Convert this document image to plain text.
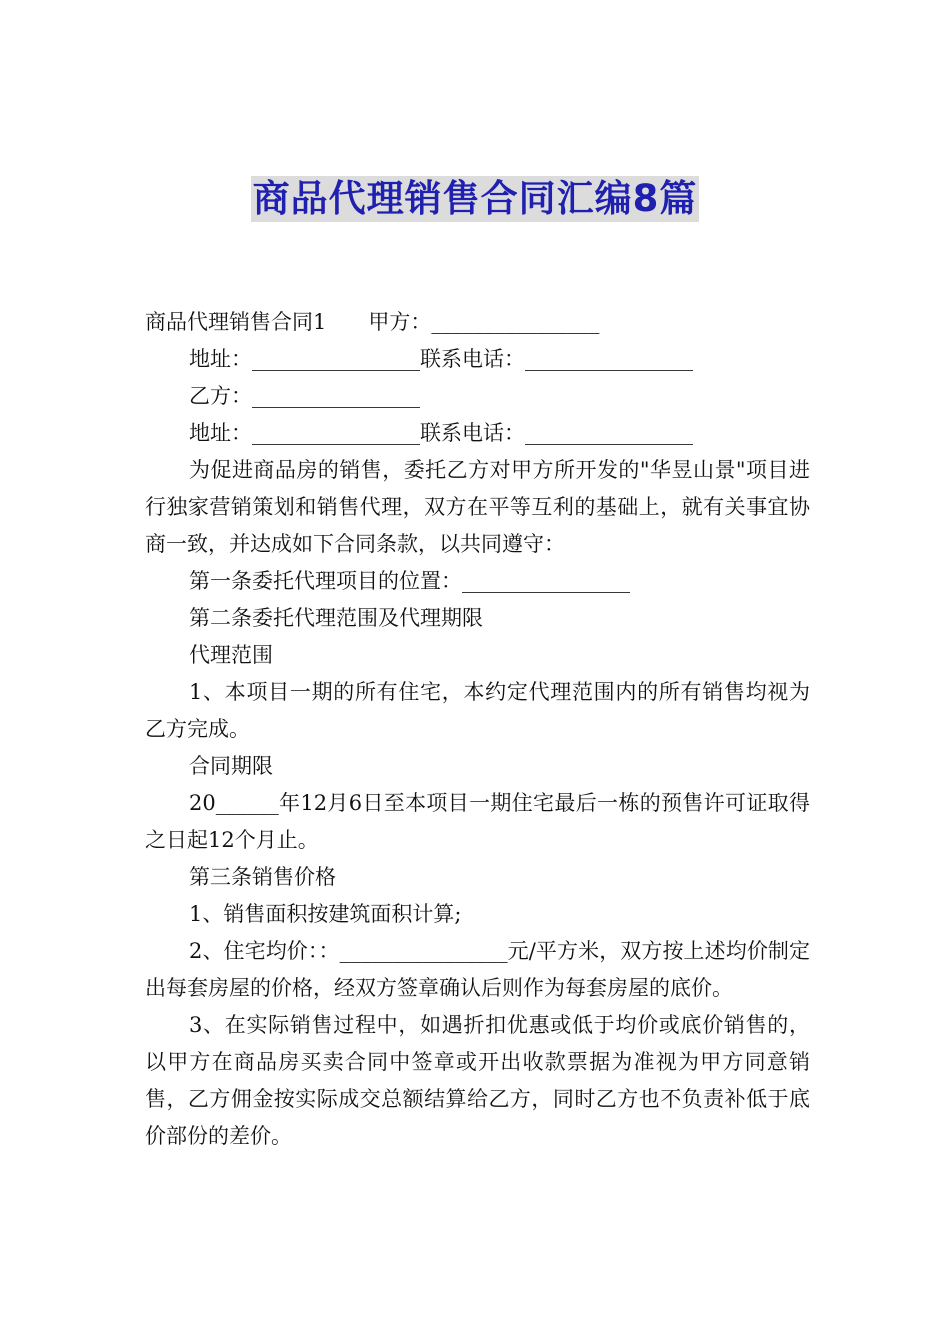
商品代理销售合同汇编8篇

商品代理销售合同1　　甲方：________________

地址：________________联系电话：________________

乙方：________________

地址：________________联系电话：________________

为促进商品房的销售，委托乙方对甲方所开发的"华昱山景"项目进行独家营销策划和销售代理，双方在平等互利的基础上，就有关事宜协商一致，并达成如下合同条款，以共同遵守：

第一条委托代理项目的位置：________________

第二条委托代理范围及代理期限

代理范围

1、本项目一期的所有住宅，本约定代理范围内的所有销售均视为乙方完成。

合同期限

20______年12月6日至本项目一期住宅最后一栋的预售许可证取得之日起12个月止。

第三条销售价格

1、销售面积按建筑面积计算;

2、住宅均价：：________________元/平方米，双方按上述均价制定出每套房屋的价格，经双方签章确认后则作为每套房屋的底价。

3、在实际销售过程中，如遇折扣优惠或低于均价或底价销售的，以甲方在商品房买卖合同中签章或开出收款票据为准视为甲方同意销售，乙方佣金按实际成交总额结算给乙方，同时乙方也不负责补低于底价部份的差价。
